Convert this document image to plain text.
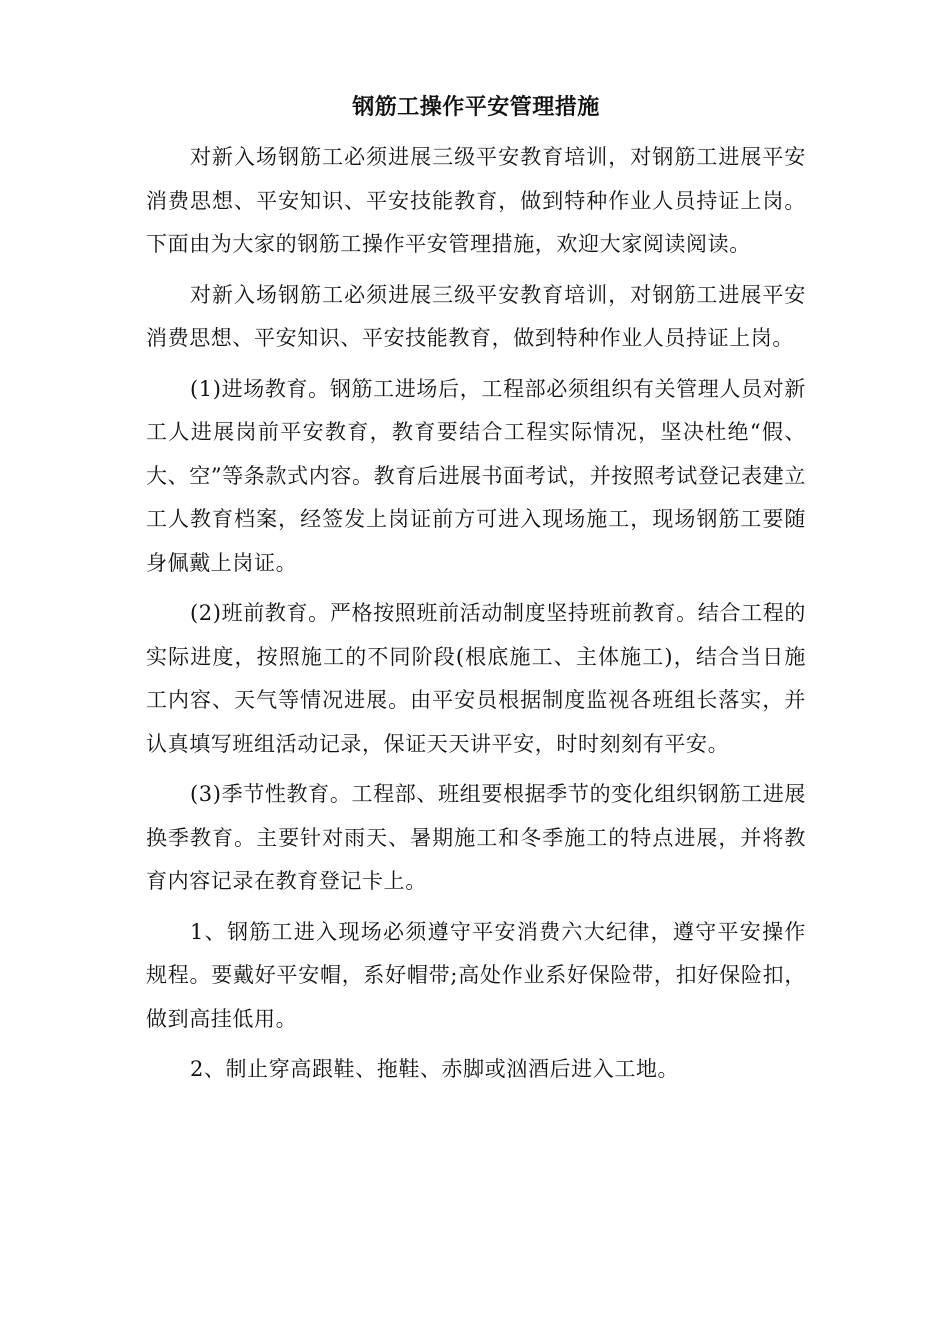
钢筋工操作平安管理措施

对新入场钢筋工必须进展三级平安教育培训，对钢筋工进展平安消费思想、平安知识、平安技能教育，做到特种作业人员持证上岗。下面由为大家的钢筋工操作平安管理措施，欢迎大家阅读阅读。

对新入场钢筋工必须进展三级平安教育培训，对钢筋工进展平安消费思想、平安知识、平安技能教育，做到特种作业人员持证上岗。

(1)进场教育。钢筋工进场后，工程部必须组织有关管理人员对新工人进展岗前平安教育，教育要结合工程实际情况，坚决杜绝“假、大、空”等条款式内容。教育后进展书面考试，并按照考试登记表建立工人教育档案，经签发上岗证前方可进入现场施工，现场钢筋工要随身佩戴上岗证。

(2)班前教育。严格按照班前活动制度坚持班前教育。结合工程的实际进度，按照施工的不同阶段(根底施工、主体施工)，结合当日施工内容、天气等情况进展。由平安员根据制度监视各班组长落实，并认真填写班组活动记录，保证天天讲平安，时时刻刻有平安。

(3)季节性教育。工程部、班组要根据季节的变化组织钢筋工进展换季教育。主要针对雨天、暑期施工和冬季施工的特点进展，并将教育内容记录在教育登记卡上。

1、钢筋工进入现场必须遵守平安消费六大纪律，遵守平安操作规程。要戴好平安帽，系好帽带;高处作业系好保险带，扣好保险扣，做到高挂低用。

2、制止穿高跟鞋、拖鞋、赤脚或汹酒后进入工地。
